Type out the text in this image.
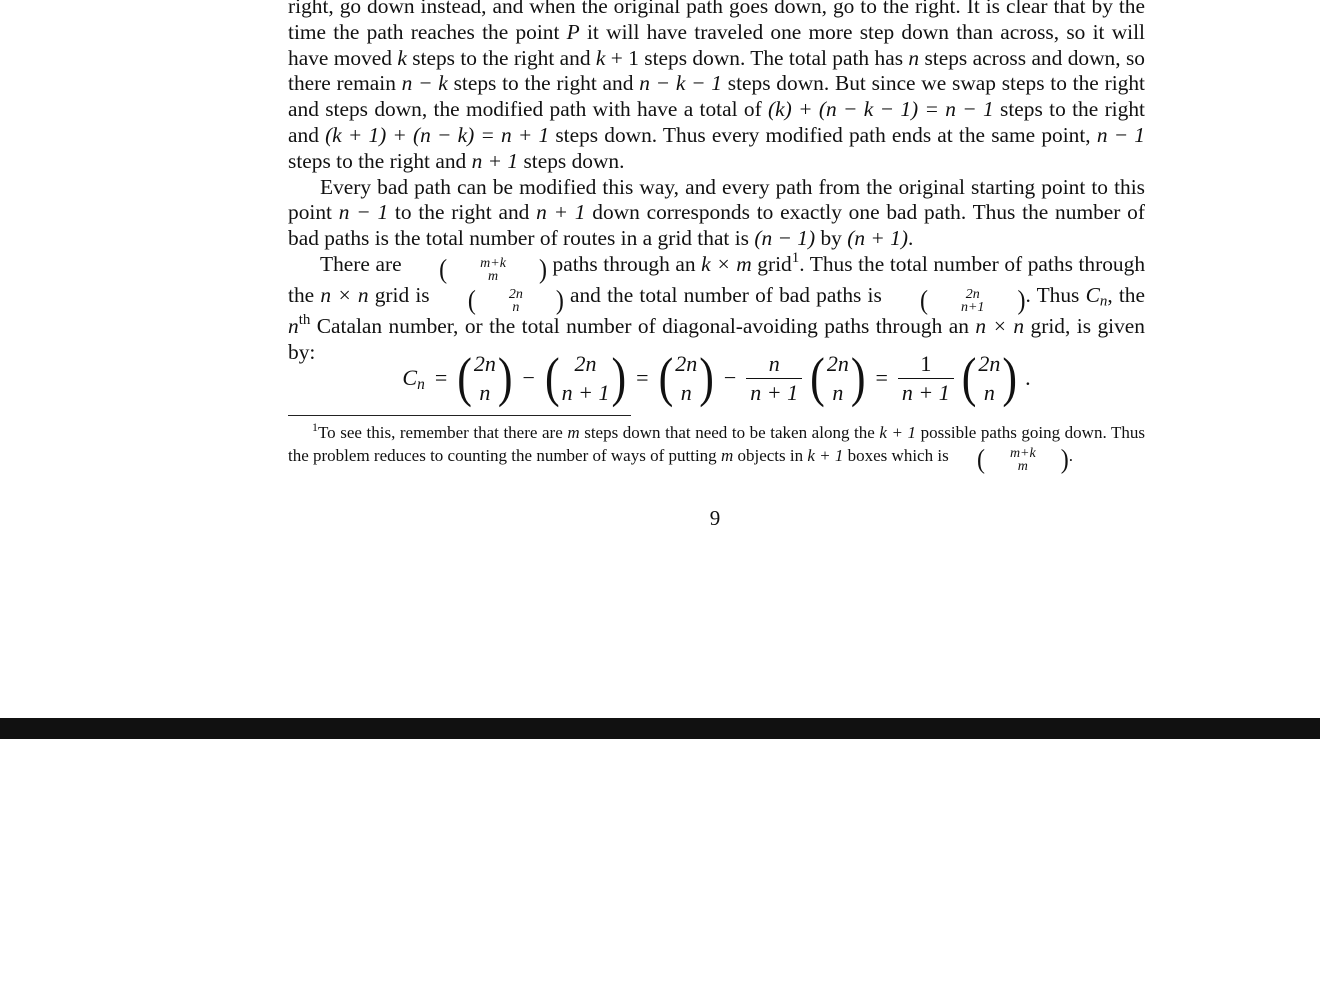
right, go down instead, and when the original path goes down, go to the right. It is clear that by the time the path reaches the point P it will have traveled one more step down than across, so it will have moved k steps to the right and k + 1 steps down. The total path has n steps across and down, so there remain n − k steps to the right and n − k − 1 steps down. But since we swap steps to the right and steps down, the modified path with have a total of (k) + (n − k − 1) = n − 1 steps to the right and (k + 1) + (n − k) = n + 1 steps down. Thus every modified path ends at the same point, n − 1 steps to the right and n + 1 steps down.

Every bad path can be modified this way, and every path from the original starting point to this point n − 1 to the right and n + 1 down corresponds to exactly one bad path. Thus the number of bad paths is the total number of routes in a grid that is (n − 1) by (n + 1).

There are	(	m+k
m	) paths through an k × m grid$^1$. Thus the total number of paths through the n × n grid is	(	2n
n	) and the total number of bad paths is	(	2n
n+1	) . Thus $C_n$, the $n^{th}$ Catalan number, or the total number of diagonal-avoiding paths through an n × n grid, is given by:

$C_n$ = ( 2n
n ) − ( 2n
n + 1 ) = ( 2n
n ) − $\frac{n}{n + 1}$ ( 2n
n ) = $\frac{1}{n + 1}$ ( 2n
n ) .

$^1$To see this, remember that there are m steps down that need to be taken along the k + 1 possible paths going down. Thus the problem reduces to counting the number of ways of putting m objects in k + 1 boxes which is	(	m+k
m	) .

9
